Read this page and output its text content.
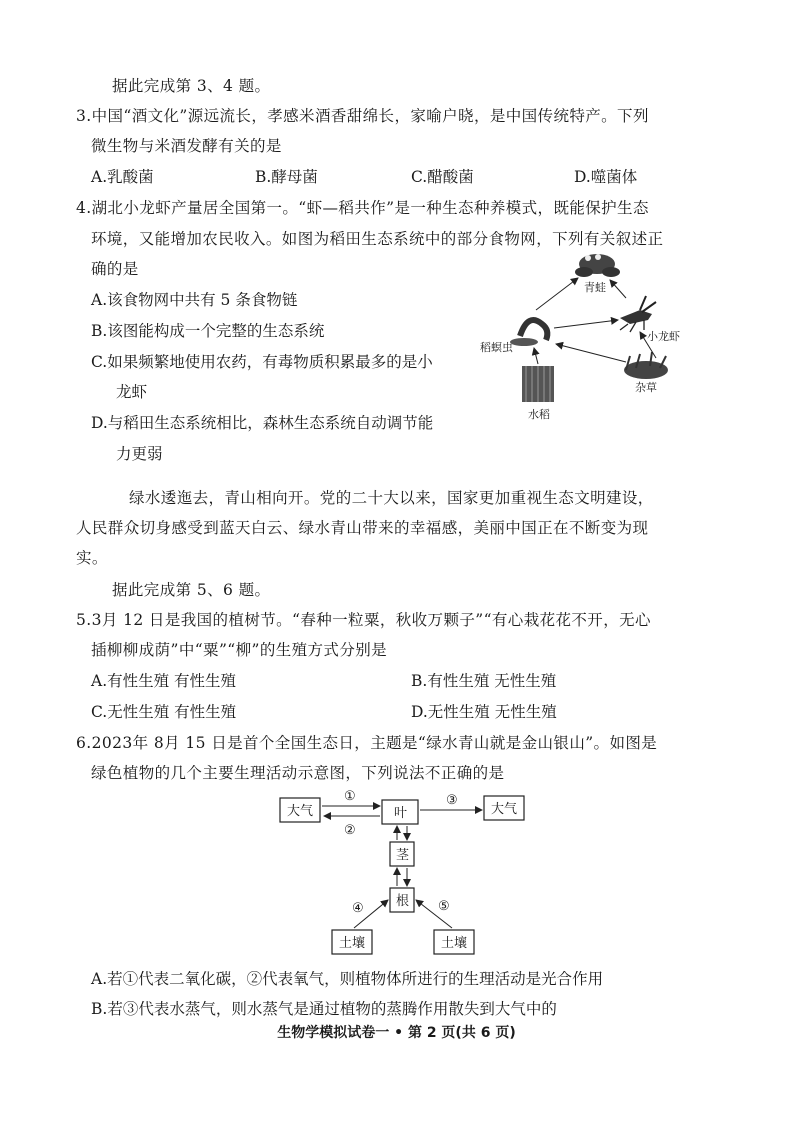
据此完成第 3、4 题。
3.中国“酒文化”源远流长，孝感米酒香甜绵长，家喻户晓，是中国传统特产。下列
微生物与米酒发酵有关的是
A.乳酸菌	B.酵母菌	C.醋酸菌	D.噬菌体
4.湖北小龙虾产量居全国第一。“虾—稻共作”是一种生态种养模式，既能保护生态
环境，又能增加农民收入。如图为稻田生态系统中的部分食物网，下列有关叙述正
确的是
A.该食物网中共有 5 条食物链
B.该图能构成一个完整的生态系统
C.如果频繁地使用农药，有毒物质积累最多的是小
龙虾
D.与稻田生态系统相比，森林生态系统自动调节能
力更弱
青蛙
小龙虾
稻螟虫
水稻
杂草
绿水逶迤去，青山相向开。党的二十大以来，国家更加重视生态文明建设，
人民群众切身感受到蓝天白云、绿水青山带来的幸福感，美丽中国正在不断变为现
实。
据此完成第 5、6 题。
5.3月 12 日是我国的植树节。“春种一粒粟，秋收万颗子”“有心栽花花不开，无心
插柳柳成荫”中“粟”“柳”的生殖方式分别是
A.有性生殖 有性生殖	B.有性生殖 无性生殖
C.无性生殖 有性生殖	D.无性生殖 无性生殖
6.2023年 8月 15 日是首个全国生态日，主题是“绿水青山就是金山银山”。如图是
绿色植物的几个主要生理活动示意图，下列说法不正确的是
大气	叶	大气
茎
根
土壤	土壤
①
②
③
④	⑤
A.若①代表二氧化碳，②代表氧气，则植物体所进行的生理活动是光合作用
B.若③代表水蒸气，则水蒸气是通过植物的蒸腾作用散失到大气中的
生物学模拟试卷一 • 第 2 页(共 6 页)
